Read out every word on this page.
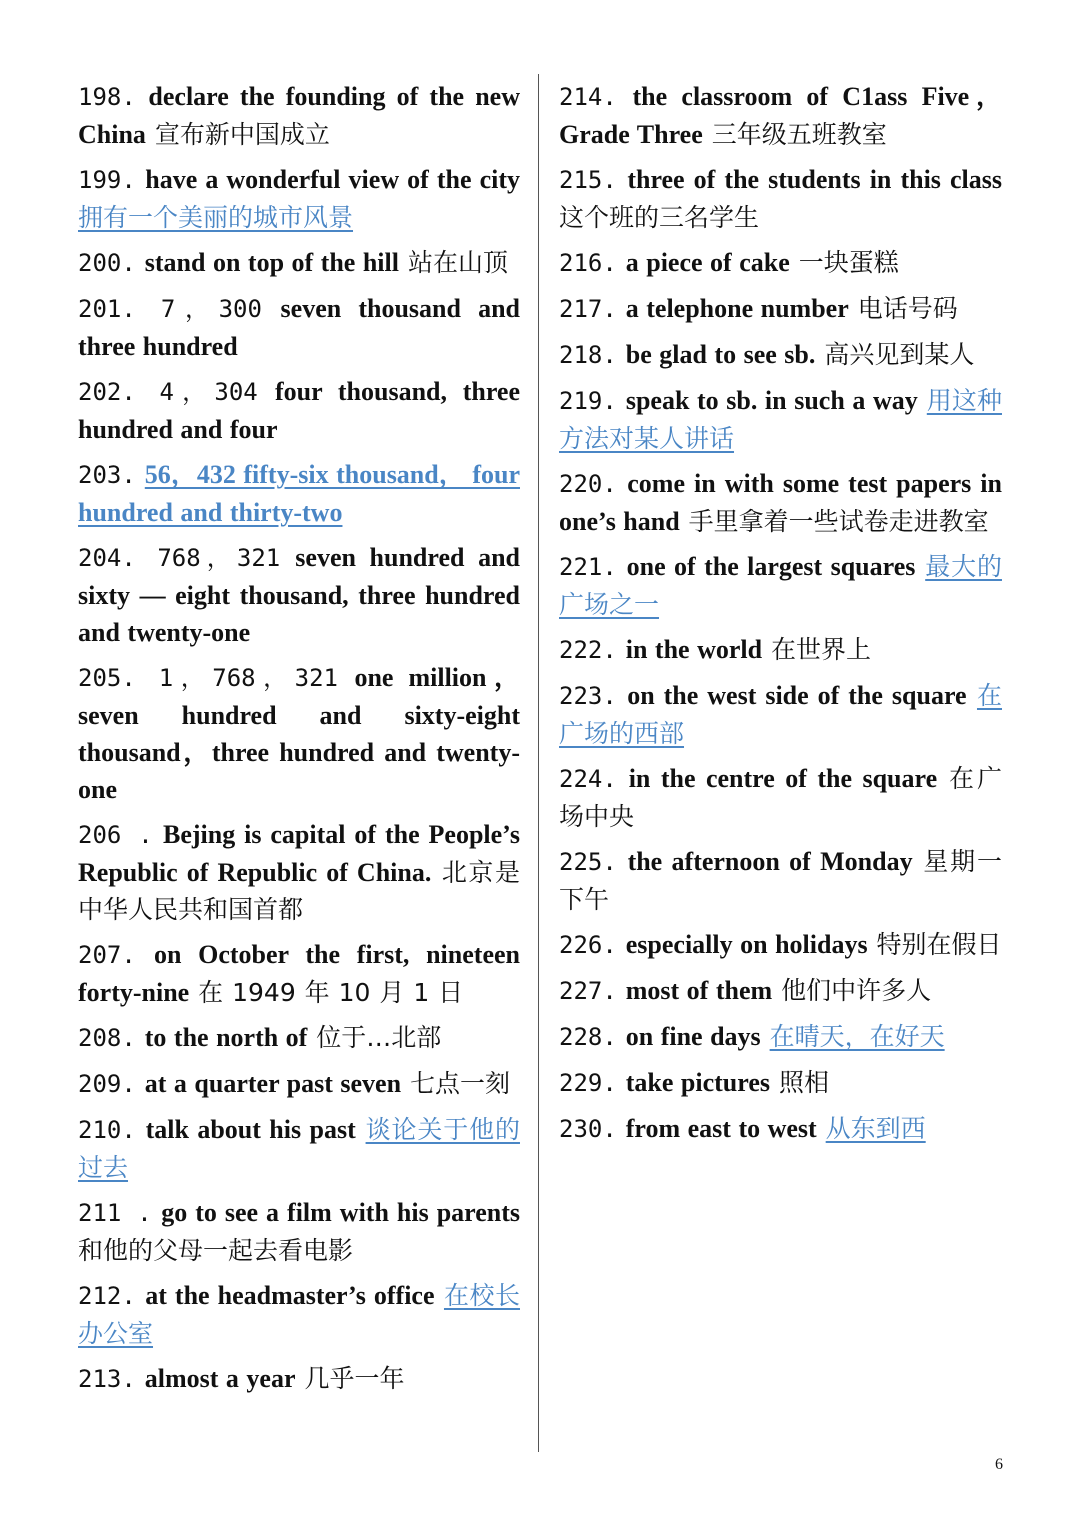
198. declare the founding of the new China 宣布新中国成立
199. have a wonderful view of the city 拥有一个美丽的城市风景
200. stand on top of the hill 站在山顶
201. 7，300 seven thousand and three hundred
202. 4，304 four thousand, three hundred and four
203. 56，432 fifty-six thousand， four hundred and thirty-two
204. 768，321 seven hundred and sixty — eight thousand, three hundred and twenty-one
205. 1，768，321 one million，seven hundred and sixty-eight thousand，three hundred and twenty-one
206 . Bejing is capital of the People’s Republic of Republic of China. 北京是中华人民共和国首都
207. on October the first, nineteen forty-nine 在 1949 年 10 月 1 日
208. to the north of 位于…北部
209. at a quarter past seven 七点一刻
210. talk about his past 谈论关于他的过去
211 . go to see a film with his parents 和他的父母一起去看电影
212. at the headmaster’s office 在校长办公室
213. almost a year 几乎一年
214. the classroom of C1ass Five，Grade Three 三年级五班教室
215. three of the students in this class 这个班的三名学生
216. a piece of cake 一块蛋糕
217. a telephone number 电话号码
218. be glad to see sb. 高兴见到某人
219. speak to sb. in such a way 用这种方法对某人讲话
220. come in with some test papers in one’s hand 手里拿着一些试卷走进教室
221. one of the largest squares 最大的广场之一
222. in the world 在世界上
223. on the west side of the square 在广场的西部
224. in the centre of the square 在广场中央
225. the afternoon of Monday 星期一下午
226. especially on holidays 特别在假日
227. most of them 他们中许多人
228. on fine days 在晴天，在好天
229. take pictures 照相
230. from east to west 从东到西
6
